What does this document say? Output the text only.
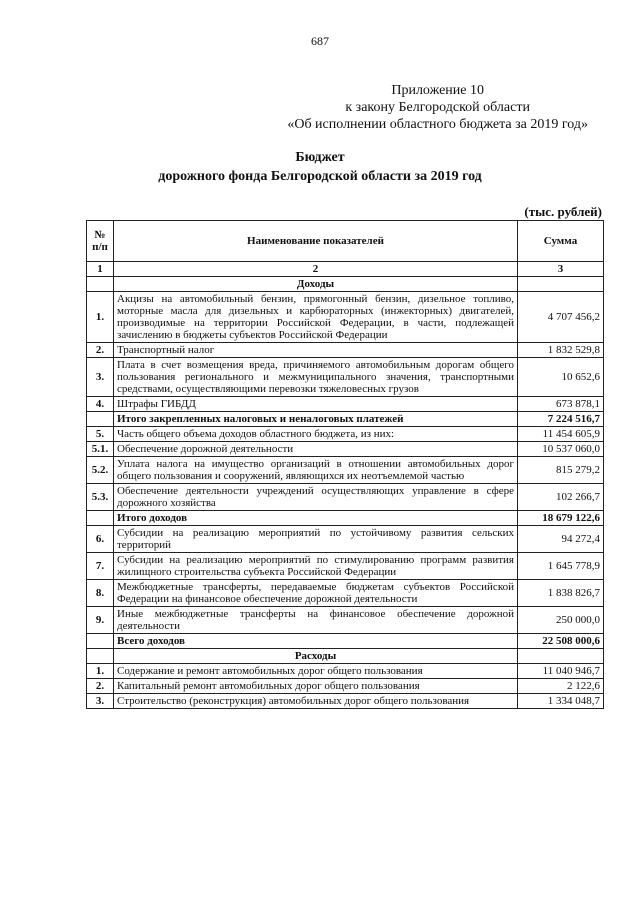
687
Приложение 10
к закону Белгородской области
«Об исполнении областного бюджета за 2019 год»
Бюджет
дорожного фонда Белгородской области за 2019 год
(тыс. рублей)
№ п/п	Наименование показателей	Сумма
1	2	3
	Доходы	
1.	Акцизы на автомобильный бензин, прямогонный бензин, дизельное топливо, моторные масла для дизельных и карбюраторных (инжекторных) двигателей, производимые на территории Российской Федерации, в части, подлежащей зачислению в бюджеты субъектов Российской Федерации	4 707 456,2
2.	Транспортный налог	1 832 529,8
3.	Плата в счет возмещения вреда, причиняемого автомобильным дорогам общего пользования регионального и межмуниципального значения, транспортными средствами, осуществляющими перевозки тяжеловесных грузов	10 652,6
4.	Штрафы ГИБДД	673 878,1
	Итого закрепленных налоговых и неналоговых платежей	7 224 516,7
5.	Часть общего объема доходов областного бюджета, из них:	11 454 605,9
5.1.	Обеспечение дорожной деятельности	10 537 060,0
5.2.	Уплата налога на имущество организаций в отношении автомобильных дорог общего пользования и сооружений, являющихся их неотъемлемой частью	815 279,2
5.3.	Обеспечение деятельности учреждений осуществляющих управление в сфере дорожного хозяйства	102 266,7
	Итого доходов	18 679 122,6
6.	Субсидии на реализацию мероприятий по устойчивому развития сельских территорий	94 272,4
7.	Субсидии на реализацию мероприятий по стимулированию программ развития жилищного строительства субъекта Российской Федерации	1 645 778,9
8.	Межбюджетные трансферты, передаваемые бюджетам субъектов Российской Федерации на финансовое обеспечение дорожной деятельности	1 838 826,7
9.	Иные межбюджетные трансферты на финансовое обеспечение дорожной деятельности	250 000,0
	Всего доходов	22 508 000,6
	Расходы	
1.	Содержание и ремонт автомобильных дорог общего пользования	11 040 946,7
2.	Капитальный ремонт автомобильных дорог общего пользования	2 122,6
3.	Строительство (реконструкция) автомобильных дорог общего пользования	1 334 048,7
